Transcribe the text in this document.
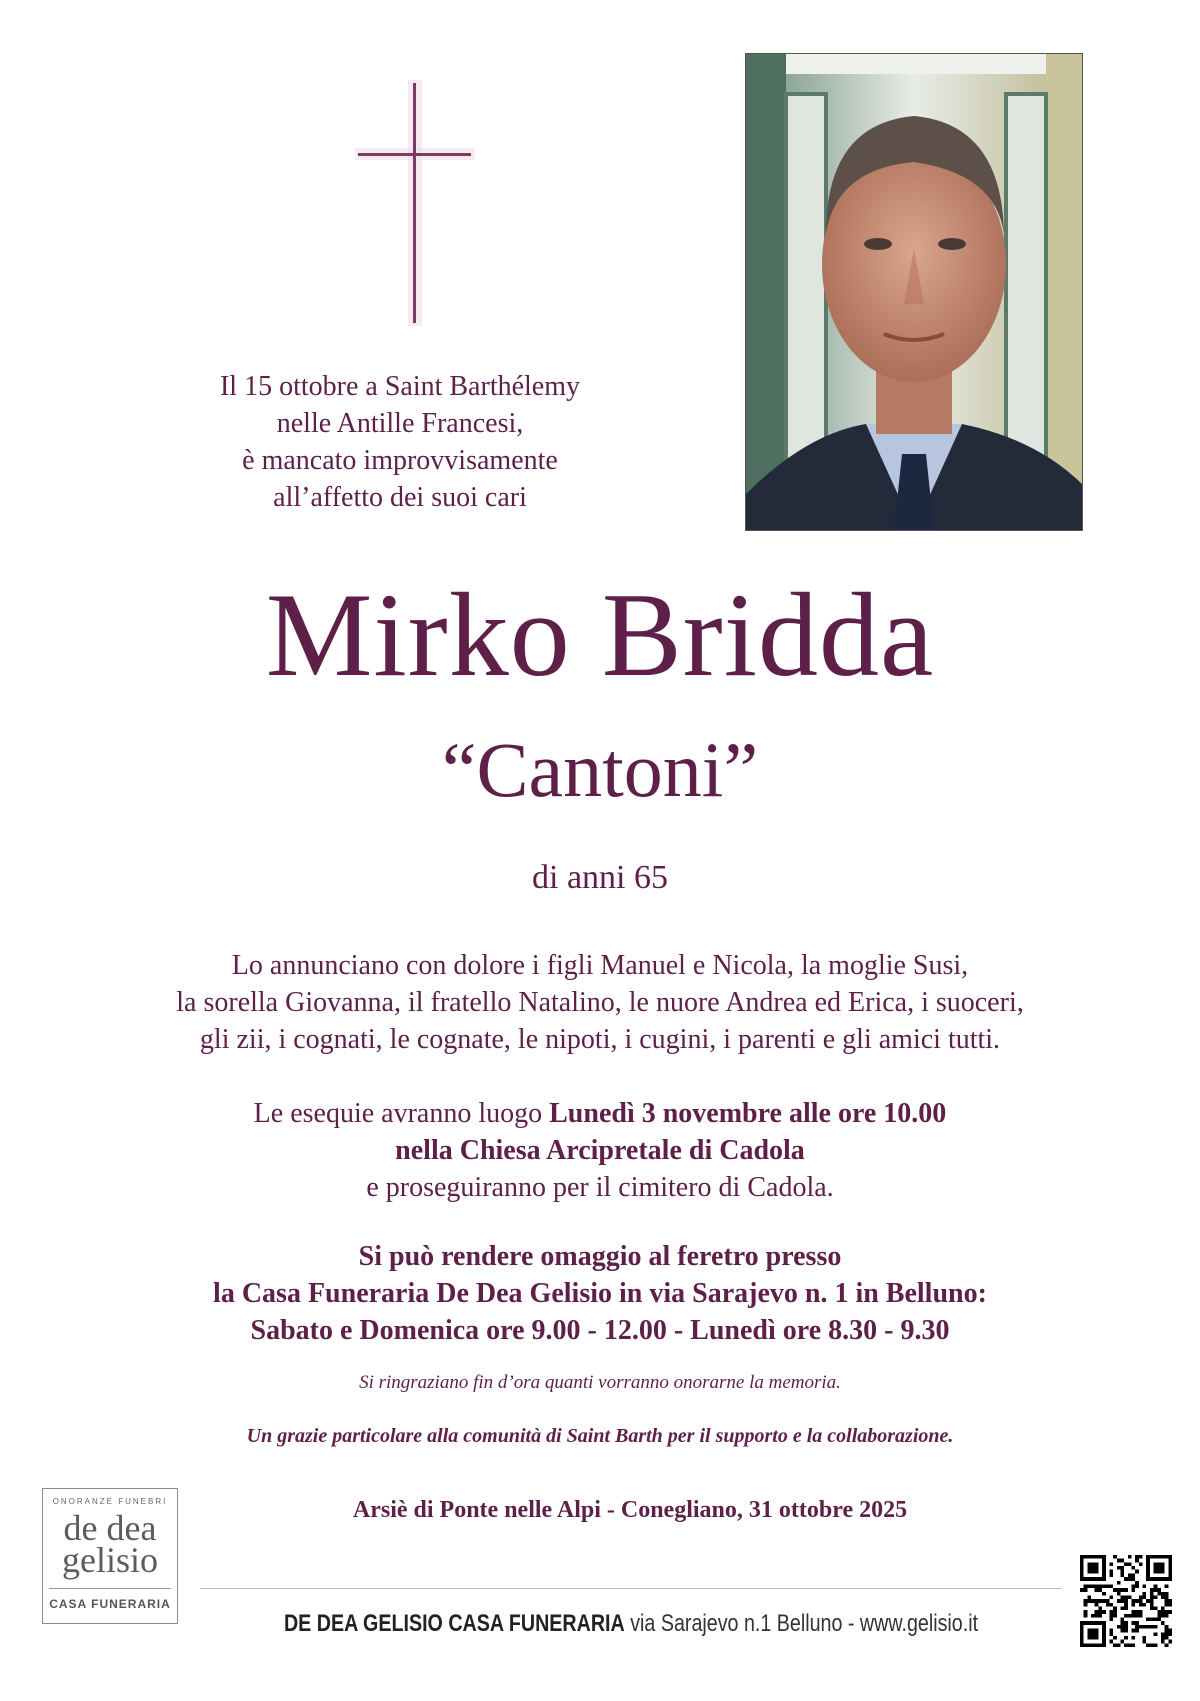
Il 15 ottobre a Saint Barthélemy
nelle Antille Francesi,
è mancato improvvisamente
all’affetto dei suoi cari
Mirko Bridda
“Cantoni”
di anni 65
Lo annunciano con dolore i figli Manuel e Nicola, la moglie Susi,
la sorella Giovanna, il fratello Natalino, le nuore Andrea ed Erica, i suoceri,
gli zii, i cognati, le cognate, le nipoti, i cugini, i parenti e gli amici tutti.
Le esequie avranno luogo Lunedì 3 novembre alle ore 10.00
nella Chiesa Arcipretale di Cadola
e proseguiranno per il cimitero di Cadola.
Si può rendere omaggio al feretro presso
la Casa Funeraria De Dea Gelisio in via Sarajevo n. 1 in Belluno:
Sabato e Domenica ore 9.00 - 12.00 - Lunedì ore 8.30 - 9.30
Si ringraziano fin d’ora quanti vorranno onorarne la memoria.
Un grazie particolare alla comunità di Saint Barth per il supporto e la collaborazione.
Arsiè di Ponte nelle Alpi - Conegliano, 31 ottobre 2025
ONORANZE FUNEBRI
de dea
gelisio
CASA FUNERARIA
DE DEA GELISIO CASA FUNERARIA via Sarajevo n.1 Belluno - www.gelisio.it
